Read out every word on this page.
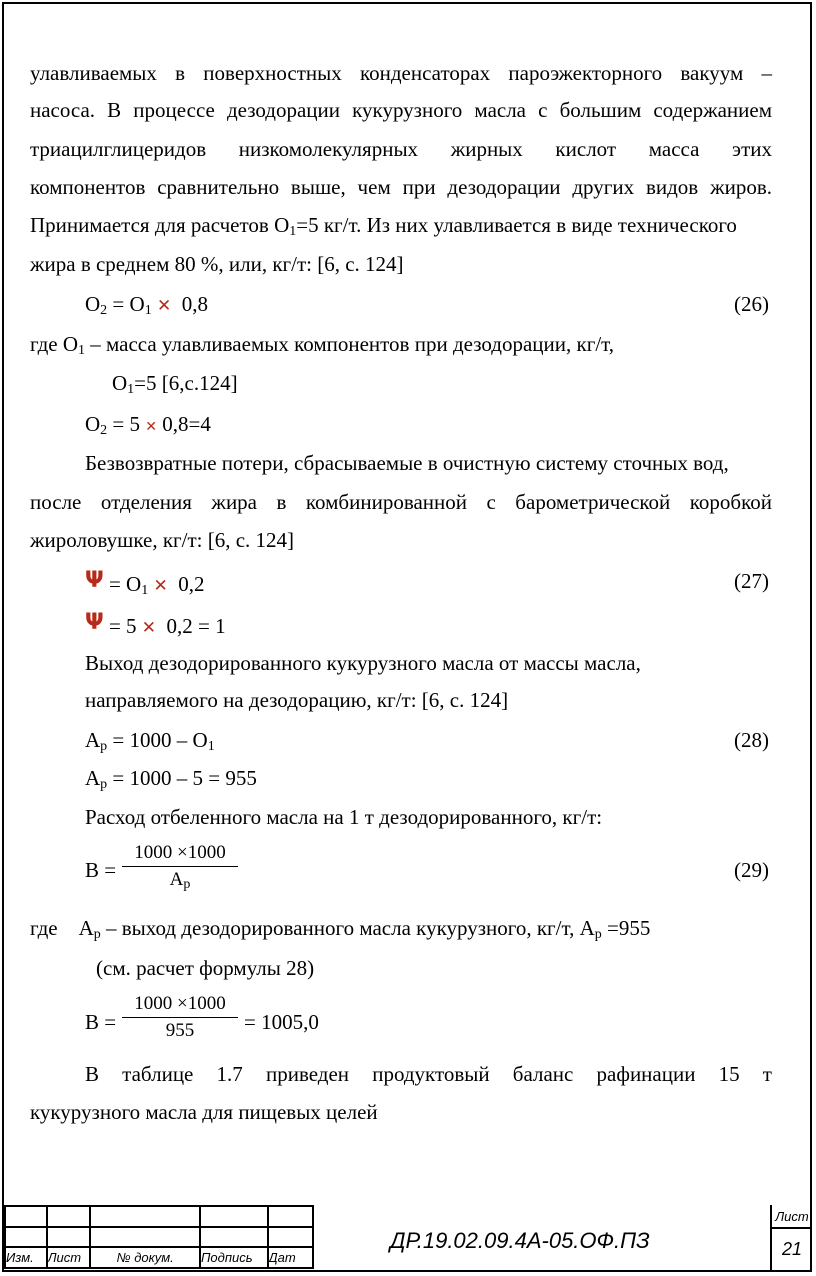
улавливаемых в поверхностных конденсаторах пароэжекторного вакуум –
насоса. В процессе дезодорации кукурузного масла с большим содержанием
триацилглицеридов низкомолекулярных жирных кислот масса этих
компонентов сравнительно выше, чем при дезодорации других видов жиров.
Принимается для расчетов $О_1=5$ кг/т. Из них улавливается в виде технического
жира в среднем 80 %, или, кг/т: [6, с. 124]
$О_2 = О_1$ ✕ 0,8	(26)
где $О_1$ – масса улавливаемых компонентов при дезодорации, кг/т,
$О_1=5$ [6,с.124]
$О_2 = 5$ ✕ 0,8=4
Безвозвратные потери, сбрасываемые в очистную систему сточных вод,
после отделения жира в комбинированной с барометрической коробкой
жироловушке, кг/т: [6, с. 124]
$\Psi = О_1$ ✕ 0,2	(27)
Ψ = 5 ✕ 0,2 = 1
Выход дезодорированного кукурузного масла от массы масла,
направляемого на дезодорацию, кг/т: [6, с. 124]
$А_р = 1000 - О_1$	(28)
$А_р = 1000 - 5 = 955$
Расход отбеленного масла на 1 т дезодорированного, кг/т:
В =
1000 ×1000
$А_р$
(29)
где $А_р$ – выход дезодорированного масла кукурузного, кг/т, $А_р =955$
(см. расчет формулы 28)
В =
1000 ×1000
955	= 1005,0
В таблице 1.7 приведен продуктовый баланс рафинации 15 т
кукурузного масла для пищевых целей

Изм.	Лист	№ докум.	Подпись	Дат
ДР.19.02.09.4А-05.ОФ.ПЗ
Лист
21
